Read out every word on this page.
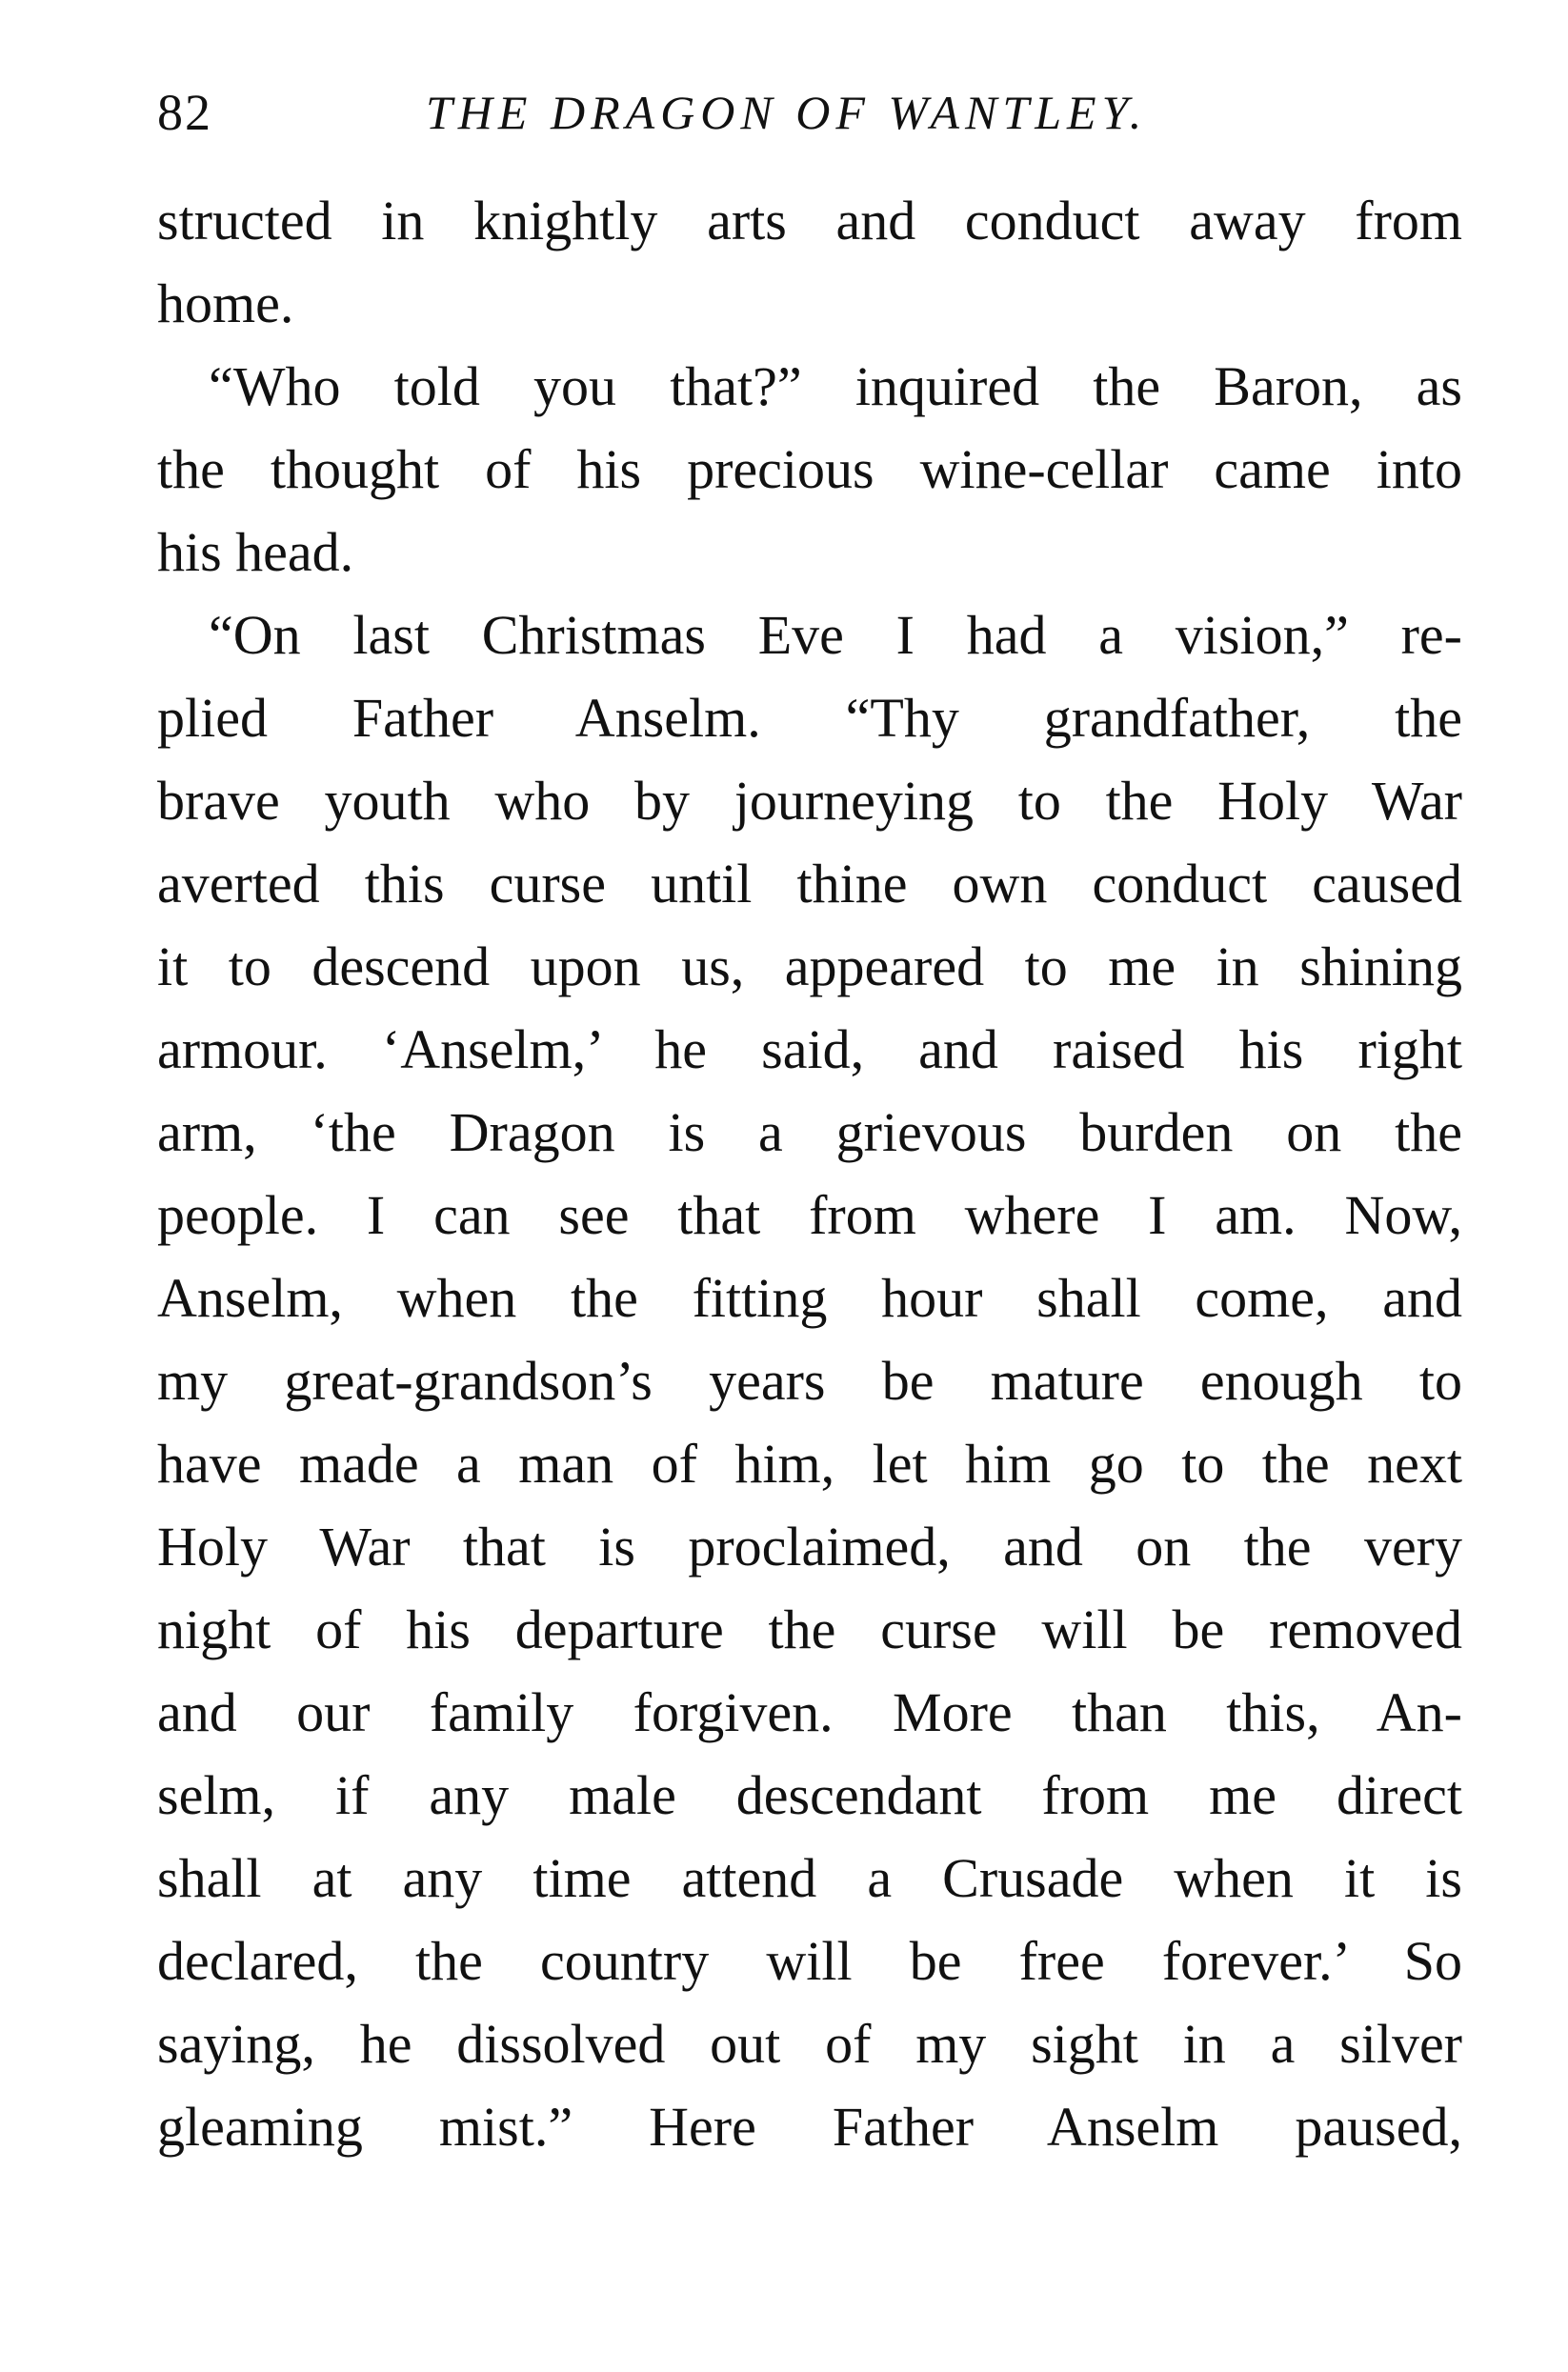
82	THE DRAGON OF WANTLEY.
structed in knightly arts and conduct away from
home.
“Who told you that?” inquired the Baron, as
the thought of his precious wine-cellar came into
his head.
“On last Christmas Eve I had a vision,” re-
plied Father Anselm. “Thy grandfather, the
brave youth who by journeying to the Holy War
averted this curse until thine own conduct caused
it to descend upon us, appeared to me in shining
armour. ‘Anselm,’ he said, and raised his right
arm, ‘the Dragon is a grievous burden on the
people. I can see that from where I am. Now,
Anselm, when the fitting hour shall come, and
my great-grandson’s years be mature enough to
have made a man of him, let him go to the next
Holy War that is proclaimed, and on the very
night of his departure the curse will be removed
and our family forgiven. More than this, An-
selm, if any male descendant from me direct
shall at any time attend a Crusade when it is
declared, the country will be free forever.’ So
saying, he dissolved out of my sight in a silver
gleaming mist.” Here Father Anselm paused,
